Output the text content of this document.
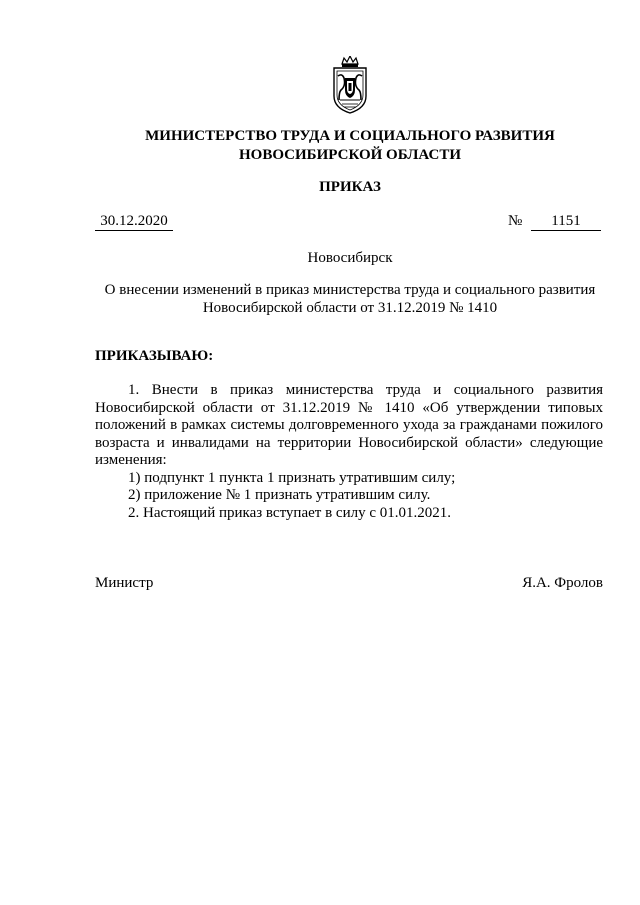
МИНИСТЕРСТВО ТРУДА И СОЦИАЛЬНОГО РАЗВИТИЯ
НОВОСИБИРСКОЙ ОБЛАСТИ
ПРИКАЗ
30.12.2020	№	1151
Новосибирск
О внесении изменений в приказ министерства труда и социального развития
Новосибирской области от 31.12.2019 № 1410
ПРИКАЗЫВАЮ:

1. Внести в приказ министерства труда и социального развития Новосибирской области от 31.12.2019 № 1410 «Об утверждении типовых положений в рамках системы долговременного ухода за гражданами пожилого возраста и инвалидами на территории Новосибирской области» следующие изменения:

1) подпункт 1 пункта 1 признать утратившим силу;

2) приложение № 1 признать утратившим силу.

2. Настоящий приказ вступает в силу с 01.01.2021.

Министр	Я.А. Фролов
